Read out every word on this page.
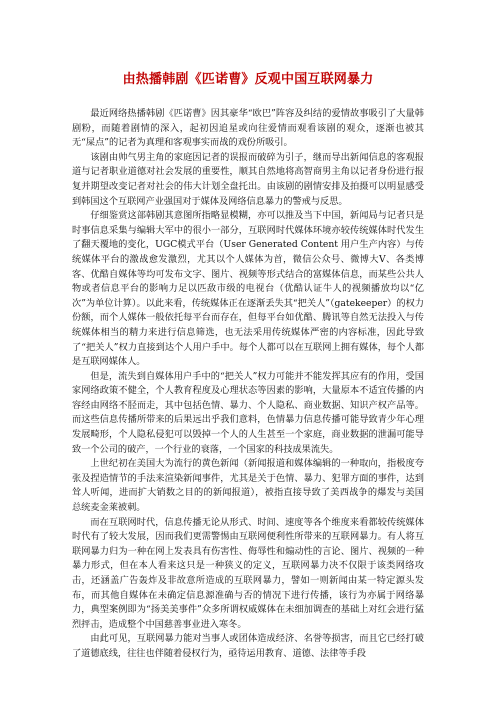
由热播韩剧《匹诺曹》反观中国互联网暴力

最近网络热播韩剧《匹诺曹》因其豪华“欧巴”阵容及纠结的爱情故事吸引了大量韩剧粉，而随着剧情的深入，起初因追星或向往爱情而观看该剧的观众，逐渐也被其无“屎点”的记者为真理和客观事实而战的戏份所吸引。

该剧由帅气男主角的家庭因记者的误报而破碎为引子，继而导出新闻信息的客观报道与记者职业道德对社会发展的重要性，顺其自然地将高智商男主角以记者身份进行报复并期望改变记者对社会的伟大计划全盘托出。由该剧的剧情安排及拍摄可以明显感受到韩国这个互联网产业强国对于媒体及网络信息暴力的警戒与反思。

仔细鉴赏这部韩剧其意图所指略显模糊，亦可以推及当下中国，新闻局与记者只是时事信息采集与编辑大军中的很小一部分，互联网时代媒体环境亦较传统媒体时代发生了翻天覆地的变化，UGC模式平台（User Generated Content 用户生产内容）与传统媒体平台的激战愈发激烈，尤其以个人媒体为首，微信公众号、微博大V、各类博客、优酷自媒体等均可发布文字、图片、视频等形式结合的富媒体信息，而某些公共人物或者信息平台的影响力足以匹敌市级的电视台（优酷认证牛人的视频播放均以“亿次”为单位计算）。以此来看，传统媒体正在逐渐丢失其“把关人”（gatekeeper）的权力份额，而个人媒体一般依托每平台而存在，但每平台如优酷、腾讯等自然无法投入与传统媒体相当的精力来进行信息筛选，也无法采用传统媒体严密的内容标准，因此导致了“把关人”权力直接到达个人用户手中。每个人都可以在互联网上拥有媒体，每个人都是互联网媒体人。

但是，流失到自媒体用户手中的“把关人”权力可能并不能发挥其应有的作用，受国家网络政策不健全，个人教育程度及心理状态等因素的影响，大量原本不适宜传播的内容经由网络不胫而走，其中包括色情、暴力、个人隐私、商业数据、知识产权产品等。而这些信息传播所带来的后果远出乎我们意料，色情暴力信息传播可能导致青少年心理发展畸形，个人隐私侵犯可以毁掉一个人的人生甚至一个家庭，商业数据的泄漏可能导致一个公司的破产，一个行业的衰落，一个国家的科技成果流失。

上世纪初在美国大为流行的黄色新闻（新闻报道和媒体编辑的一种取向，指极度夸张及捏造情节的手法来渲染新闻事件，尤其是关于色情、暴力、犯罪方面的事件，达到耸人听闻，进而扩大销数之目的的新闻报道），被指直接导致了美西战争的爆发与美国总统麦金莱被刺。

而在互联网时代，信息传播无论从形式、时间、速度等各个维度来看都较传统媒体时代有了较大发展，因而我们更需警惕由互联网便利性所带来的互联网暴力。有人将互联网暴力归为一种在网上发表具有伤害性、侮辱性和煽动性的言论、图片、视频的一种暴力形式，但在本人看来这只是一种狭义的定义，互联网暴力决不仅限于该类网络攻击，还涵盖广告轰炸及非故意所造成的互联网暴力，譬如一则新闻由某一特定源头发布，而其他自媒体在未确定信息源准确与否的情况下进行传播，该行为亦属于网络暴力，典型案例即为“扬美美事件”众多所谓权威媒体在未细加调查的基础上对红会进行猛烈抨击，造成整个中国慈善事业进入寒冬。

由此可见，互联网暴力能对当事人或团体造成经济、名誉等损害，而且它已经打破了道德底线，往往也伴随着侵权行为，亟待运用教育、道德、法律等手段
